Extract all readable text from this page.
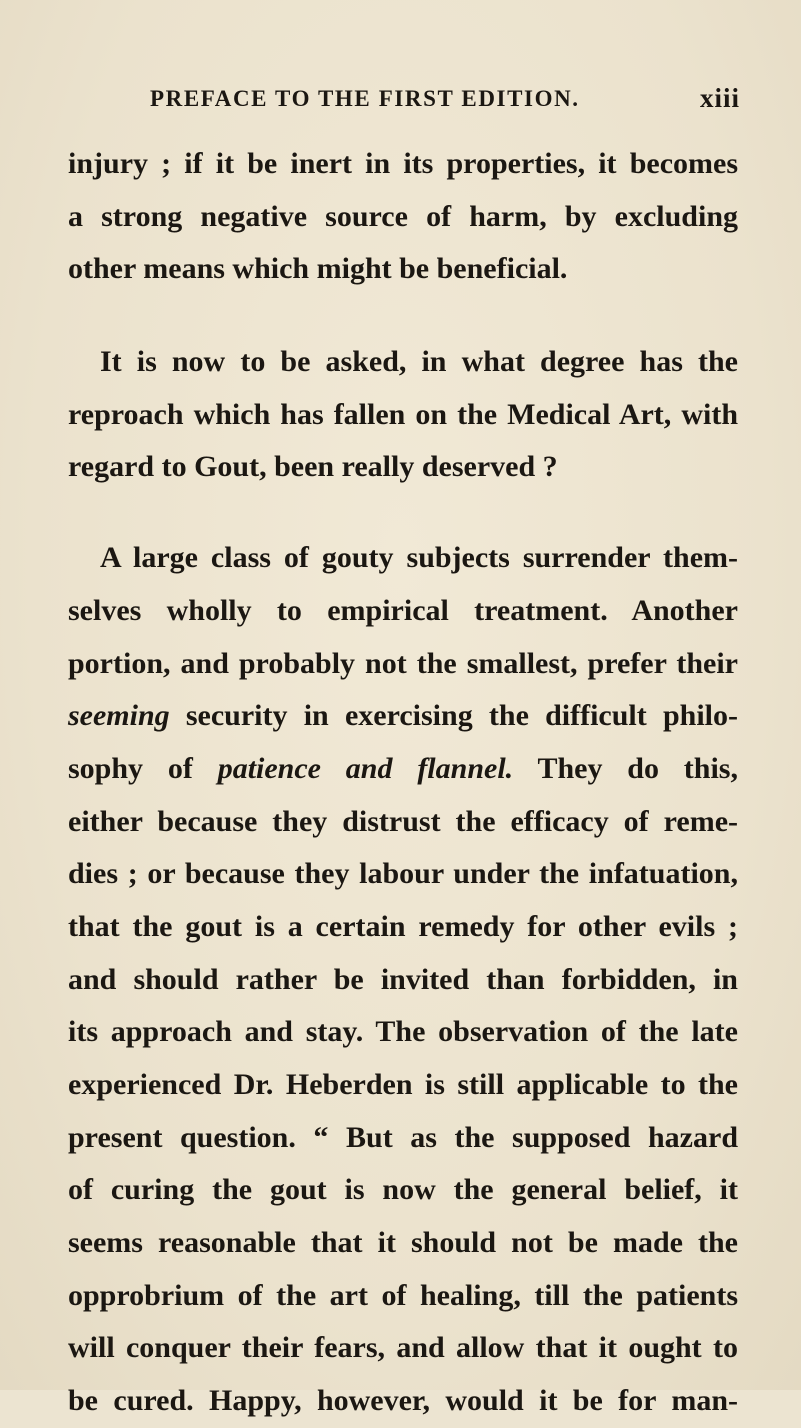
PREFACE TO THE FIRST EDITION.	xiii
injury ; if it be inert in its properties, it becomes
a strong negative source of harm, by excluding
other means which might be beneficial.
It is now to be asked, in what degree has the
reproach which has fallen on the Medical Art, with
regard to Gout, been really deserved ?
A large class of gouty subjects surrender them-
selves wholly to empirical treatment. Another
portion, and probably not the smallest, prefer their
seeming security in exercising the difficult philo-
sophy of patience and flannel. They do this,
either because they distrust the efficacy of reme-
dies ; or because they labour under the infatuation,
that the gout is a certain remedy for other evils ;
and should rather be invited than forbidden, in
its approach and stay. The observation of the late
experienced Dr. Heberden is still applicable to the
present question. “ But as the supposed hazard
of curing the gout is now the general belief, it
seems reasonable that it should not be made the
opprobrium of the art of healing, till the patients
will conquer their fears, and allow that it ought to
be cured. Happy, however, would it be for man-
